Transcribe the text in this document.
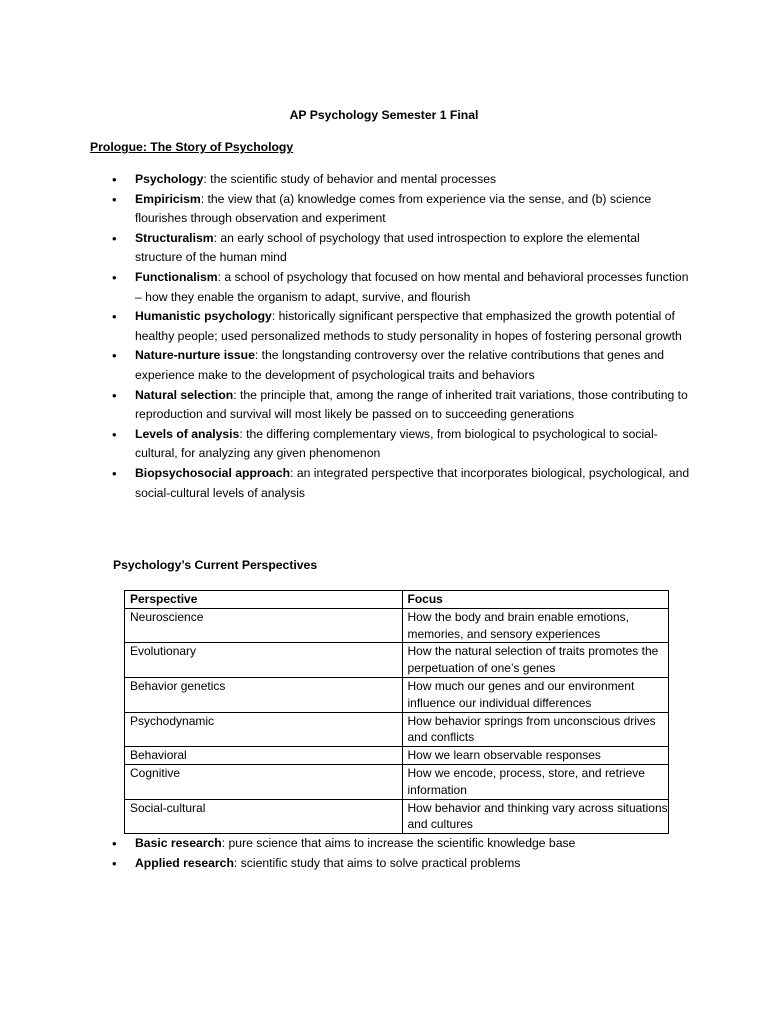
AP Psychology Semester 1 Final
Prologue: The Story of Psychology
• Psychology: the scientific study of behavior and mental processes
• Empiricism: the view that (a) knowledge comes from experience via the sense, and (b) science flourishes through observation and experiment
• Structuralism: an early school of psychology that used introspection to explore the elemental structure of the human mind
• Functionalism: a school of psychology that focused on how mental and behavioral processes function – how they enable the organism to adapt, survive, and flourish
• Humanistic psychology: historically significant perspective that emphasized the growth potential of healthy people; used personalized methods to study personality in hopes of fostering personal growth
• Nature-nurture issue: the longstanding controversy over the relative contributions that genes and experience make to the development of psychological traits and behaviors
• Natural selection: the principle that, among the range of inherited trait variations, those contributing to reproduction and survival will most likely be passed on to succeeding generations
• Levels of analysis: the differing complementary views, from biological to psychological to social-cultural, for analyzing any given phenomenon
• Biopsychosocial approach: an integrated perspective that incorporates biological, psychological, and social-cultural levels of analysis
Psychology’s Current Perspectives
Perspective	Focus
Neuroscience	How the body and brain enable emotions, memories, and sensory experiences
Evolutionary	How the natural selection of traits promotes the perpetuation of one’s genes
Behavior genetics	How much our genes and our environment influence our individual differences
Psychodynamic	How behavior springs from unconscious drives and conflicts
Behavioral	How we learn observable responses
Cognitive	How we encode, process, store, and retrieve information
Social-cultural	How behavior and thinking vary across situations and cultures
• Basic research: pure science that aims to increase the scientific knowledge base
• Applied research: scientific study that aims to solve practical problems
